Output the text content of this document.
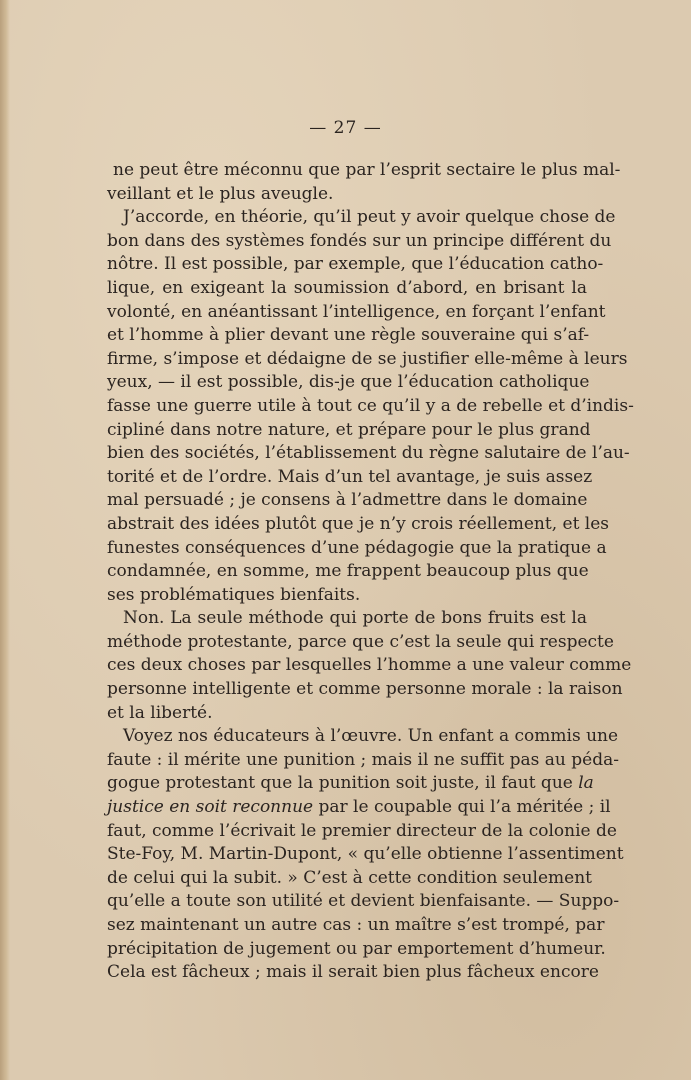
— 27 —
ne peut être méconnu que par l’esprit sectaire le plus mal-
veillant et le plus aveugle.
J’accorde, en théorie, qu’il peut y avoir quelque chose de
bon dans des systèmes fondés sur un principe différent du
nôtre. Il est possible, par exemple, que l’éducation catho-
lique, en exigeant la soumission d’abord, en brisant la
volonté, en anéantissant l’intelligence, en forçant l’enfant
et l’homme à plier devant une règle souveraine qui s’af-
firme, s’impose et dédaigne de se justifier elle-même à leurs
yeux, — il est possible, dis-je que l’éducation catholique
fasse une guerre utile à tout ce qu’il y a de rebelle et d’indis-
cipliné dans notre nature, et prépare pour le plus grand
bien des sociétés, l’établissement du règne salutaire de l’au-
torité et de l’ordre. Mais d’un tel avantage, je suis assez
mal persuadé ; je consens à l’admettre dans le domaine
abstrait des idées plutôt que je n’y crois réellement, et les
funestes conséquences d’une pédagogie que la pratique a
condamnée, en somme, me frappent beaucoup plus que
ses problématiques bienfaits.
Non. La seule méthode qui porte de bons fruits est la
méthode protestante, parce que c’est la seule qui respecte
ces deux choses par lesquelles l’homme a une valeur comme
personne intelligente et comme personne morale : la raison
et la liberté.
Voyez nos éducateurs à l’œuvre. Un enfant a commis une
faute : il mérite une punition ; mais il ne suffit pas au péda-
gogue protestant que la punition soit juste, il faut que la
justice en soit reconnue par le coupable qui l’a méritée ; il
faut, comme l’écrivait le premier directeur de la colonie de
Ste-Foy, M. Martin-Dupont, « qu’elle obtienne l’assentiment
de celui qui la subit. » C’est à cette condition seulement
qu’elle a toute son utilité et devient bienfaisante. — Suppo-
sez maintenant un autre cas : un maître s’est trompé, par
précipitation de jugement ou par emportement d’humeur.
Cela est fâcheux ; mais il serait bien plus fâcheux encore
